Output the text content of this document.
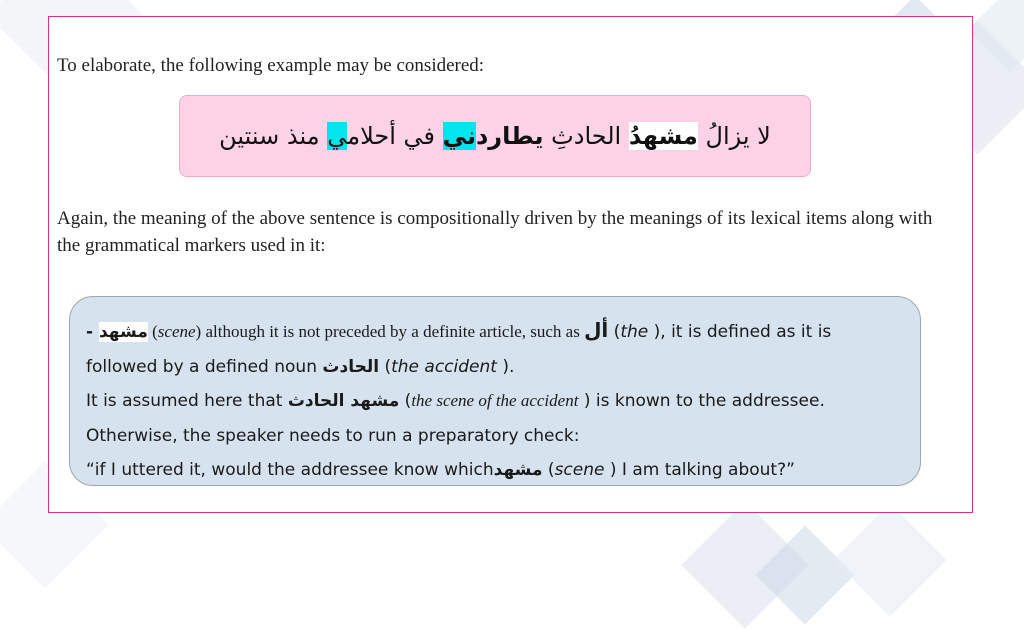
To elaborate, the following example may be considered:

لا يزالُ مشهدُ الحادثِ يطاردني في أحلامي منذ سنتين

Again, the meaning of the above sentence is compositionally driven by the meanings of its lexical items along with the grammatical markers used in it:

- مشهد (scene) although it is not preceded by a definite article, such as أل (the ), it is defined as it is
followed by a defined noun الحادث (the accident ).
It is assumed here that مشهد الحادث (the scene of the accident ) is known to the addressee.
Otherwise, the speaker needs to run a preparatory check:
“if I uttered it, would the addressee know whichمشهد (scene ) I am talking about?”
